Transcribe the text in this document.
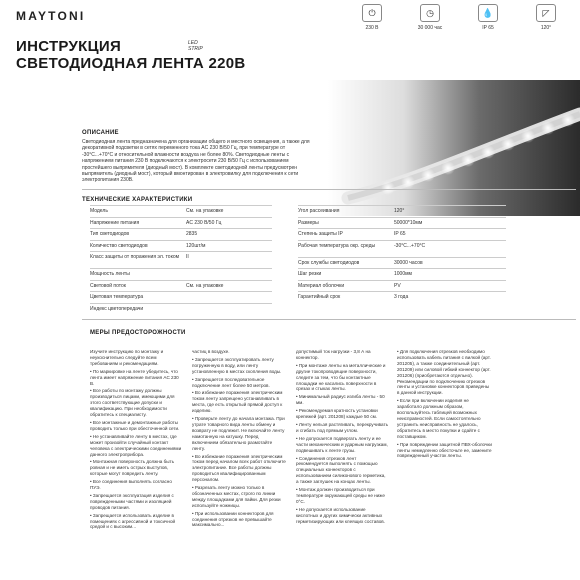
MAYTONI	⏻
230 В
◷
30 000 час
💧
IP 65
◸
120°
ИНСТРУКЦИЯ	LED
STRIP
СВЕТОДИОДНАЯ ЛЕНТА 220В
ОПИСАНИЕ
Светодиодная лента предназначена для организации общего и местного освещения, а также для декоративной подсветки в сетях переменного тока AC 230 В/50 Гц, при температуре от -30°С...+70°С и относительной влажности воздуха не более 80%. Светодиодные ленты с напряжением питания 230 В подключаются к электросети 230 В/50 Гц с использованием простейшего выпрямителя (диодный мост). В комплекте светодиодной ленты предусмотрен выпрямитель (диодный мост), который вмонтирован в электровилку для подключения к сети электропитания 230В.
ТЕХНИЧЕСКИЕ ХАРАКТЕРИСТИКИ
Модель	См. на упаковке
Напряжение питания	AC 230 В/50 Гц
Тип светодиодов	2835
Количество светодиодов	120шт/м
Класс защиты от поражения эл. током	II
Мощность ленты
Световой поток	См. на упаковке
Цветовая температура
Индекс цветопередачи
Угол рассеивания	120°
Размеры	50000*10мм
Степень защиты IP	IP 65
Рабочая температура окр. среды	-30°С...+70°С
Срок службы светодиодов	30000 часов
Шаг резки	1000мм
Материал оболочки	PV
Гарантийный срок	3 года
МЕРЫ ПРЕДОСТОРОЖНОСТИ

Изучите инструкцию по монтажу и неукоснительно следуйте всем требованиям и рекомендациям.

• По маркировке на ленте убедитесь, что лента имеет напряжение питания AC 230 В.

• Все работы по монтажу должны производиться лицами, имеющими для этого соответствующие допуски и квалификацию. При необходимости обратитесь к специалисту.

• Все монтажные и демонтажные работы проводить только при обесточенной сети.

• Не устанавливайте ленту в местах, где может произойти случайный контакт человека с электрическими соединениями данного электроприбора.

• Монтажная поверхность должна быть ровная и не иметь острых выступов, которые могут повредить ленту.

• Все соединения выполнять согласно ПУЭ.

• Запрещается эксплуатация изделия с поврежденными частями и изоляцией проводов питания.

• Запрещается использовать изделие в помещениях с агрессивной и токсичной средой и с высоким...

частиц в воздухе.

• Запрещается эксплуатировать ленту погруженную в воду, или ленту установленную в местах скопления воды.

• Запрещается последовательное подключение лент более 50 метров.

• Во избежание поражения электрическим током ленту запрещено устанавливать в места, где есть открытый прямой доступ к изделию.

• Проверьте ленту до начала монтажа. При утрате товарного вида ленты обмену и возврату не подлежит. Не включайте ленту намотанную на катушку. Перед включением обязательно размотайте ленту.

• Во избежание поражения электрическим током перед началом всех работ отключите электропитание. Все работы должны проводиться квалифицированным персоналом.

• Разрезать ленту можно только в обозначенных местах, строго по линии между площадками для пайки. Для резки используйте ножницы.

• При использовании коннекторов для соединения отрезков не превышайте максимально...

допустимый ток нагрузки - 3,8 А на коннектор.

• При монтаже ленты на металлические и другие токопроводящие поверхности, следите за тем, что бы контактные площадки не касались поверхности в срезах и стыках ленты.

• Минимальный радиус изгиба ленты - 50 мм.

• Рекомендуемая кратность установки крепежей (арт. 201208) каждые 50 см.

• Ленту нельзя растягивать, перекручивать и сгибать под прямым углом.

• Не допускается подвергать ленту и ее части механическим и ударным нагрузкам, подвешивать к ленте грузы.

• Соединения отрезков лент рекомендуется выполнять с помощью специальных коннекторов с использованием силиконового герметика, а также заглушек на концах ленты.

• Монтаж должен производиться при температуре окружающей среды не ниже 0°С.

• Не допускается использование кислотных и других химически активных герметизирующих или клеящих составов.

• Для подключения отрезков необходимо использовать кабель питания с вилкой (арт. 201205), а также соединительный (арт. 201209) или силовой гибкий коннектор (арт. 201206) (приобретаются отдельно). Рекомендации по подключению отрезков ленты и установке коннекторов приведены в данной инструкции.

• Если при включении изделия не заработало должным образом, воспользуйтесь таблицей возможных неисправностей. Если самостоятельно устранить неисправность не удалось, обратитесь в место покупки и сдайте с поставщиком.

• При повреждении защитной ПВХ-оболочки ленты немедленно обесточьте ее, замените поврежденный участок ленты.
